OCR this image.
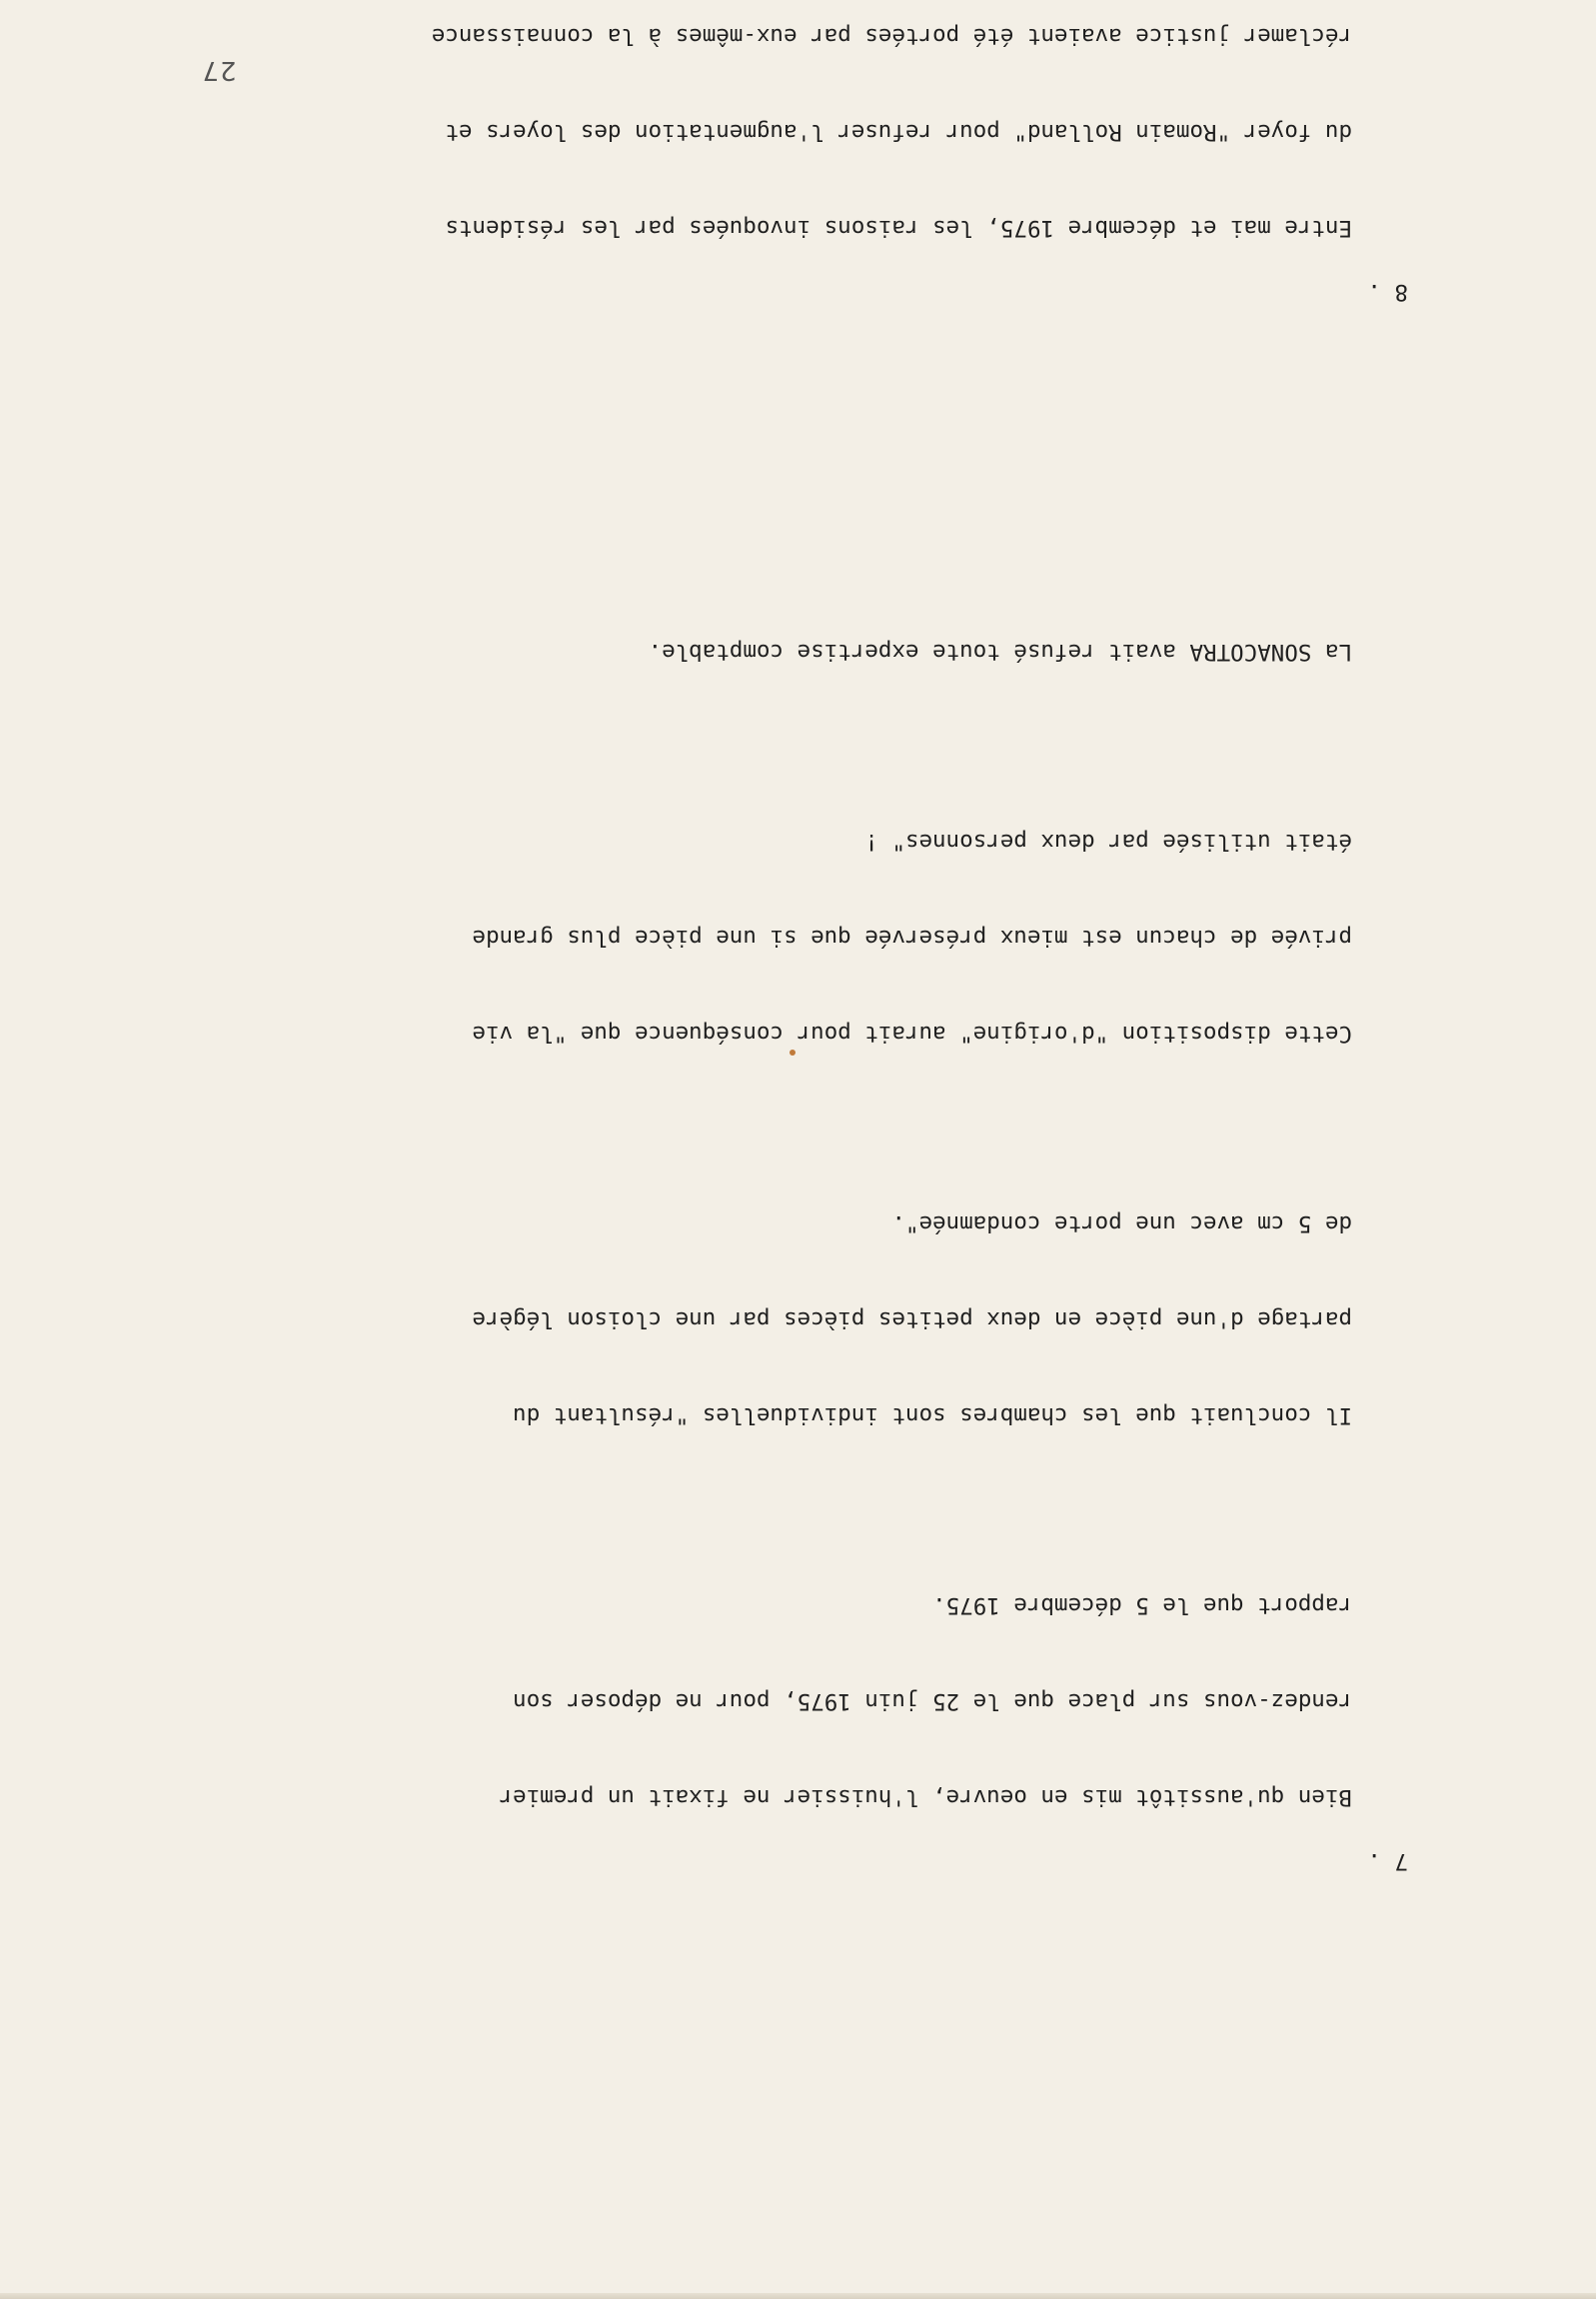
27

7 .

Bien qu'aussitôt mis en oeuvre, l'huissier ne fixait un premier

rendez-vous sur place que le 25 juin 1975, pour ne déposer son

rapport que le 5 décembre 1975.

Il concluait que les chambres sont individuelles "résultant du

partage d'une pièce en deux petites pièces par une cloison légère

de 5 cm avec une porte condamnée".

Cette disposition "d'origine" aurait pour conséquence que "la vie

privée de chacun est mieux préservée que si une pièce plus grande

était utilisée par deux personnes" !

La SONACOTRA avait refusé toute expertise comptable.

8 .

Entre mai et décembre 1975, les raisons invoquées par les résidents

du foyer "Romain Rolland" pour refuser l'augmentation des loyers et

réclamer justice avaient été portées par eux-mêmes à la connaissance
